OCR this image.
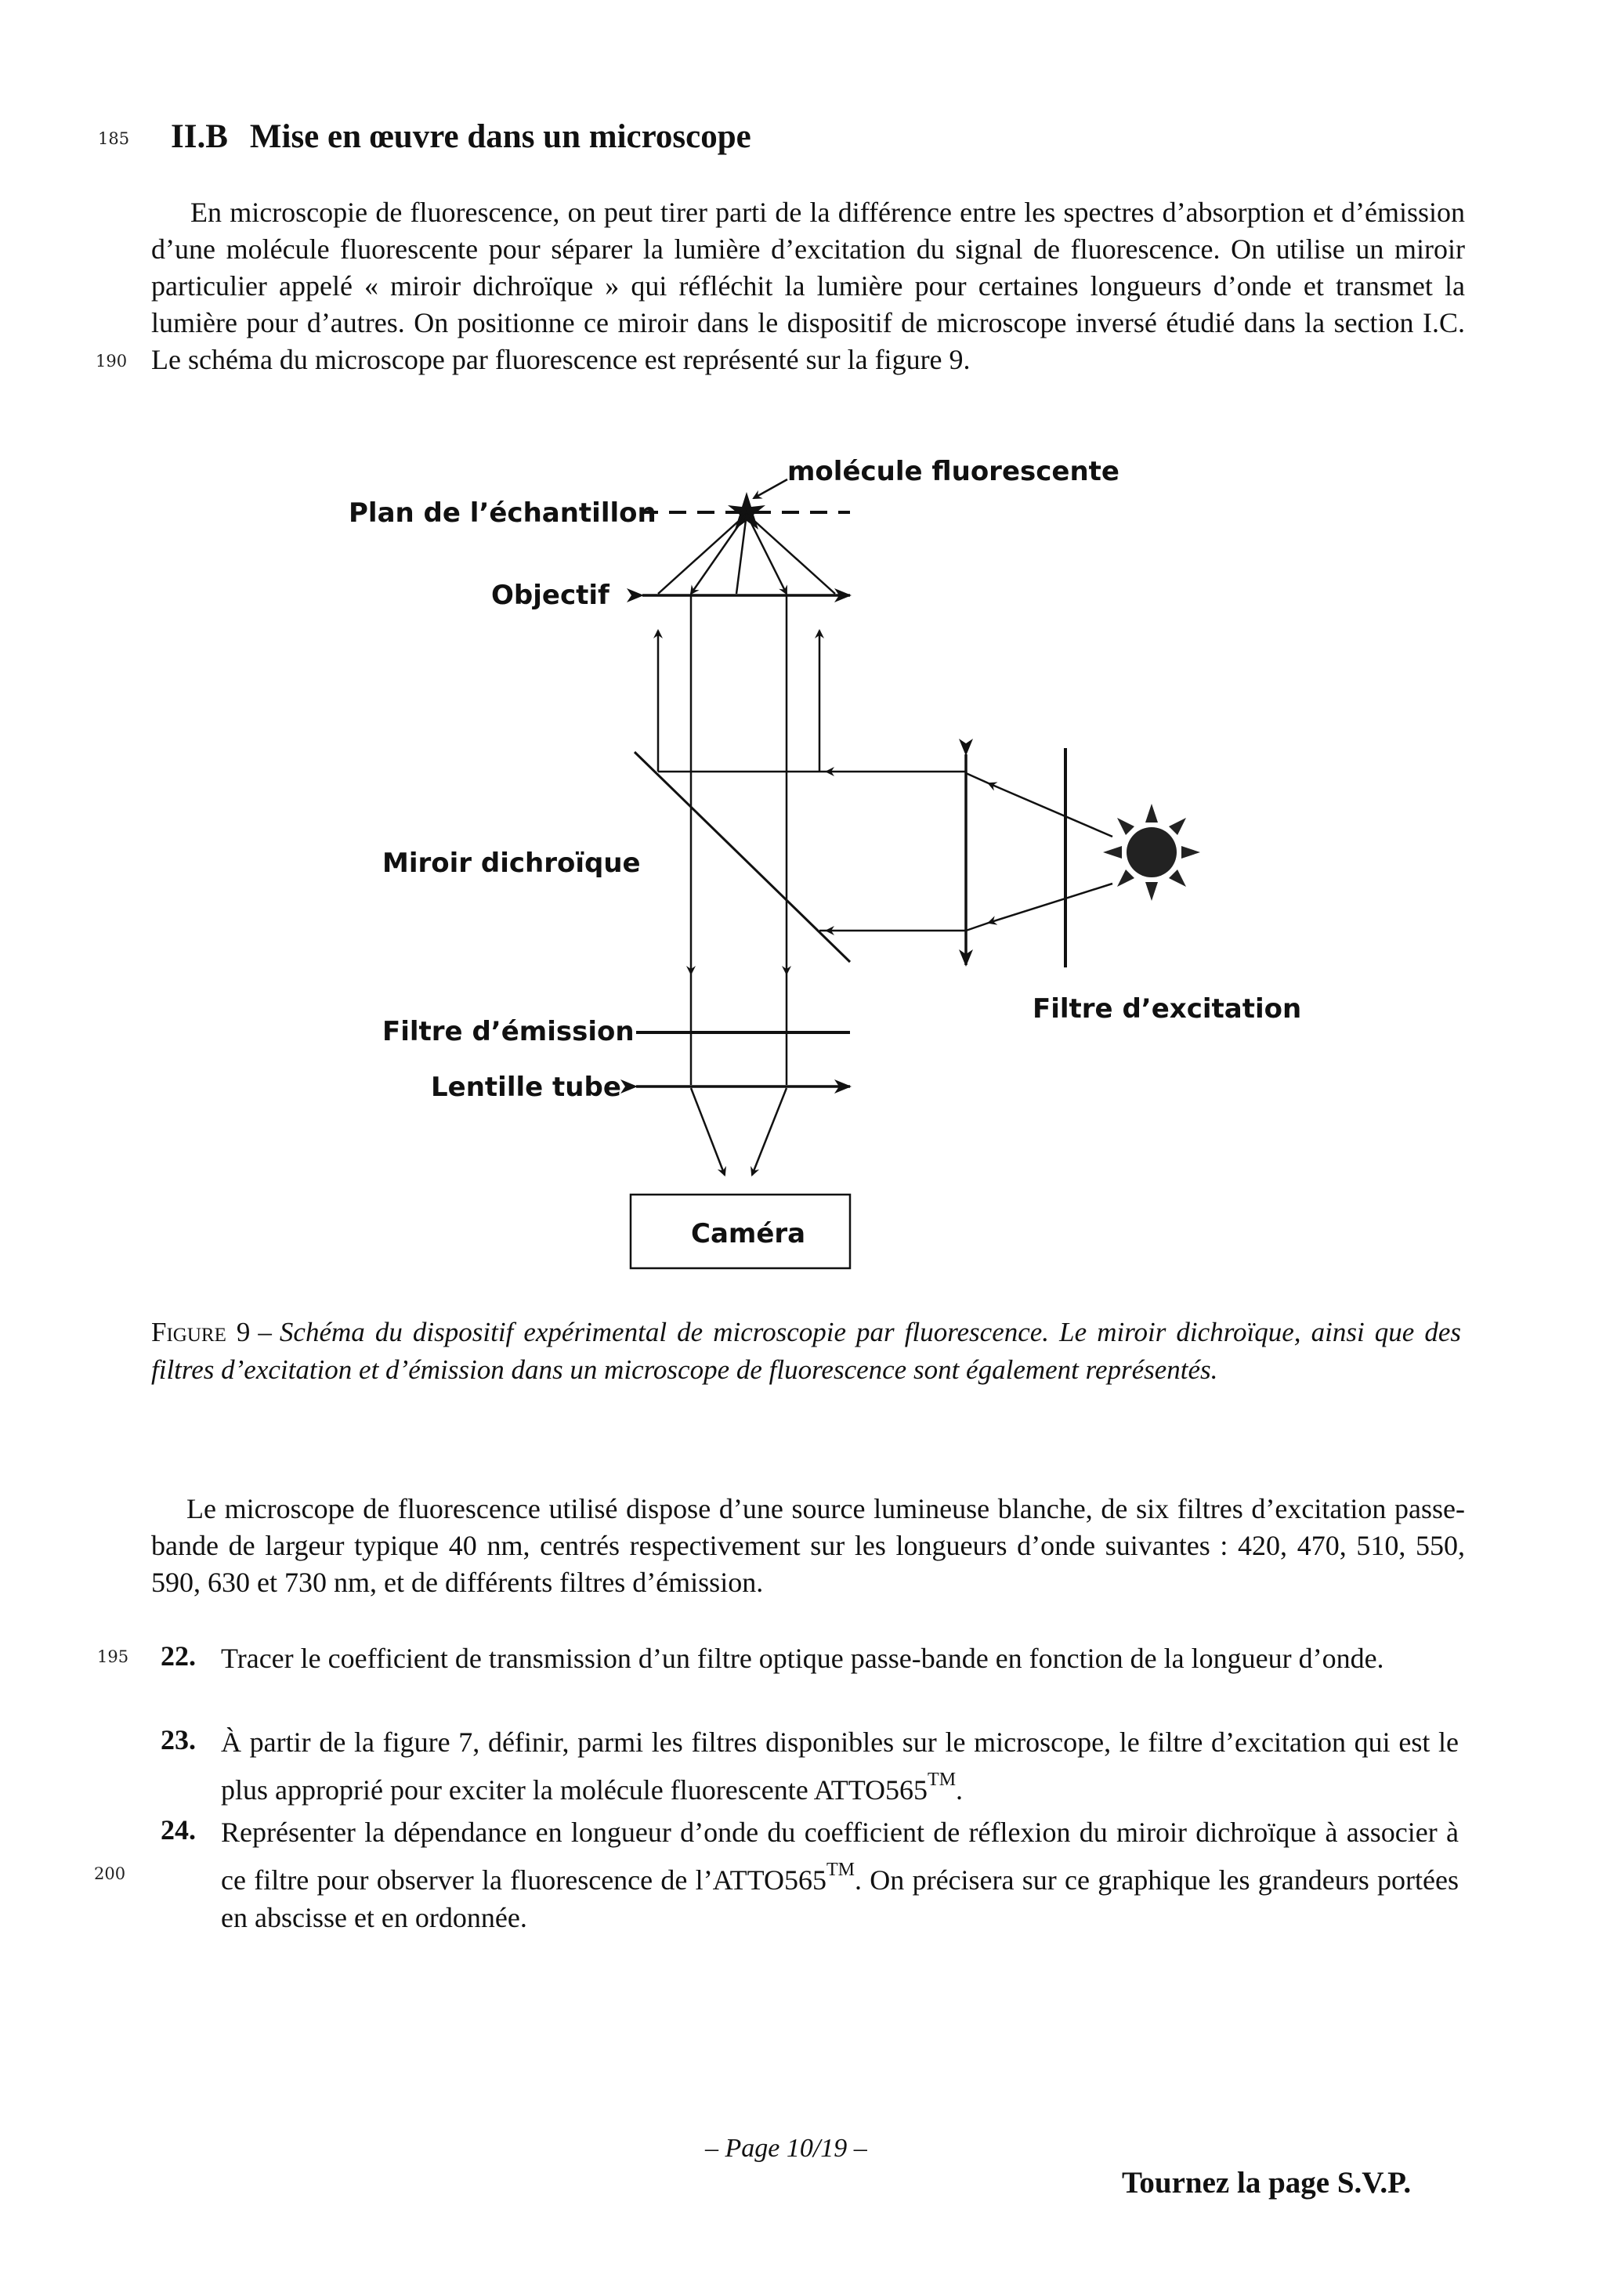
185
190
195
200
II.B Mise en œuvre dans un microscope
En microscopie de fluorescence, on peut tirer parti de la différence entre les spectres d’absorption et d’émission d’une molécule fluorescente pour séparer la lumière d’excitation du signal de fluorescence. On utilise un miroir particulier appelé « miroir dichroïque » qui réfléchit la lumière pour certaines longueurs d’onde et transmet la lumière pour d’autres. On positionne ce miroir dans le dispositif de microscope inversé étudié dans la section I.C. Le schéma du microscope par fluorescence est représenté sur la figure 9.
molécule fluorescente
Plan de l’échantillon
Objectif
Miroir dichroïque
Filtre d’excitation
Filtre d’émission
Lentille tube
Caméra
Figure 9 – Schéma du dispositif expérimental de microscopie par fluorescence. Le miroir dichroïque, ainsi que des filtres d’excitation et d’émission dans un microscope de fluorescence sont également représentés.
Le microscope de fluorescence utilisé dispose d’une source lumineuse blanche, de six filtres d’excitation passe-bande de largeur typique 40 nm, centrés respectivement sur les longueurs d’onde suivantes : 420, 470, 510, 550, 590, 630 et 730 nm, et de différents filtres d’émission.
22. Tracer le coefficient de transmission d’un filtre optique passe-bande en fonction de la longueur d’onde.
23. À partir de la figure 7, définir, parmi les filtres disponibles sur le microscope, le filtre d’excitation qui est le plus approprié pour exciter la molécule fluorescente ATTO565™.
24. Représenter la dépendance en longueur d’onde du coefficient de réflexion du miroir dichroïque à associer à ce filtre pour observer la fluorescence de l’ATTO565™. On précisera sur ce graphique les grandeurs portées en abscisse et en ordonnée.
– Page 10/19 –
Tournez la page S.V.P.
